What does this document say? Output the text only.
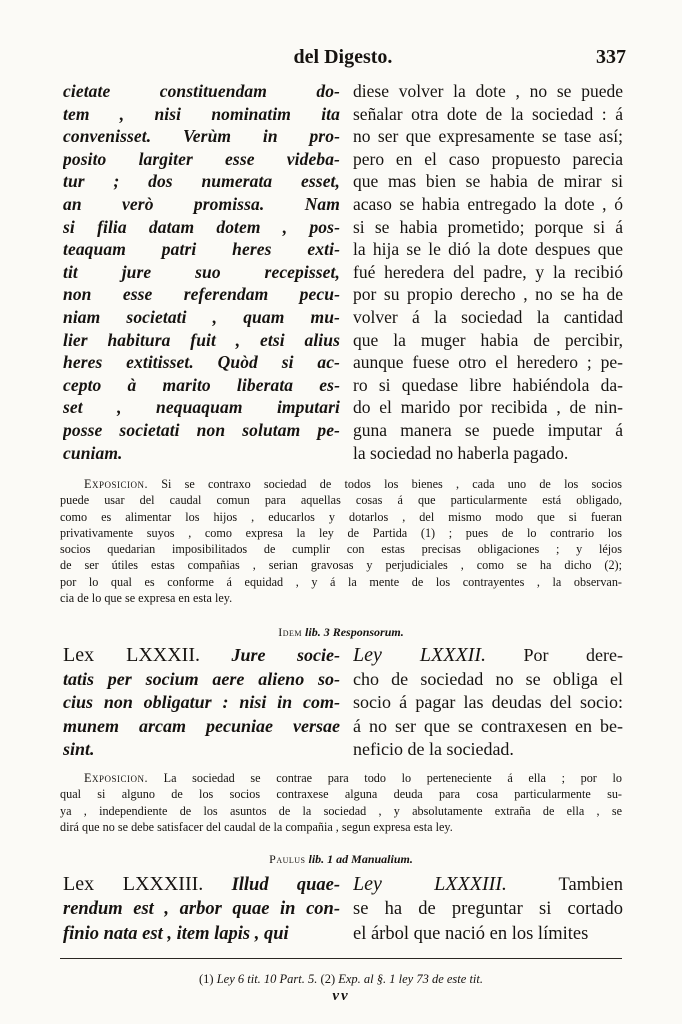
del Digesto.	337
cietate constituendam do-
tem , nisi nominatim ita
convenisset. Verùm in pro-
posito largiter esse videba-
tur ; dos numerata esset,
an verò promissa. Nam
si filia datam dotem , pos-
teaquam patri heres exti-
tit jure suo recepisset,
non esse referendam pecu-
niam societati , quam mu-
lier habitura fuit , etsi alius
heres extitisset. Quòd si ac-
cepto à marito liberata es-
set , nequaquam imputari
posse societati non solutam pe-
cuniam.
diese volver la dote , no se puede
señalar otra dote de la sociedad : á
no ser que expresamente se tase así;
pero en el caso propuesto parecia
que mas bien se habia de mirar si
acaso se habia entregado la dote , ó
si se habia prometido; porque si á
la hija se le dió la dote despues que
fué heredera del padre, y la recibió
por su propio derecho , no se ha de
volver á la sociedad la cantidad
que la muger habia de percibir,
aunque fuese otro el heredero ; pe-
ro si quedase libre habiéndola da-
do el marido por recibida , de nin-
guna manera se puede imputar á
la sociedad no haberla pagado.
Exposicion. Si se contraxo sociedad de todos los bienes , cada uno de los socios
puede usar del caudal comun para aquellas cosas á que particularmente está obligado,
como es alimentar los hijos , educarlos y dotarlos , del mismo modo que si fueran
privativamente suyos , como expresa la ley de Partida (1) ; pues de lo contrario los
socios quedarian imposibilitados de cumplir con estas precisas obligaciones ; y léjos
de ser útiles estas compañias , serian gravosas y perjudiciales , como se ha dicho (2);
por lo qual es conforme á equidad , y á la mente de los contrayentes , la observan-
cia de lo que se expresa en esta ley.
Idem lib. 3 Responsorum.
Lex LXXXII. Jure socie-
tatis per socium aere alieno so-
cius non obligatur : nisi in com-
munem arcam pecuniae versae
sint.
Ley LXXXII. Por dere-
cho de sociedad no se obliga el
socio á pagar las deudas del socio:
á no ser que se contraxesen en be-
neficio de la sociedad.
Exposicion. La sociedad se contrae para todo lo perteneciente á ella ; por lo
qual si alguno de los socios contraxese alguna deuda para cosa particularmente su-
ya , independiente de los asuntos de la sociedad , y absolutamente extraña de ella , se
dirá que no se debe satisfacer del caudal de la compañia , segun expresa esta ley.
Paulus lib. 1 ad Manualium.
Lex LXXXIII. Illud quae-
rendum est , arbor quae in con-
finio nata est , item lapis , qui
Ley LXXXIII.	Tambien
se ha de preguntar si cortado
el árbol que nació en los límites
(1) Ley 6 tit. 10 Part. 5. (2) Exp. al §. 1 ley 73 de este tit.
vv
